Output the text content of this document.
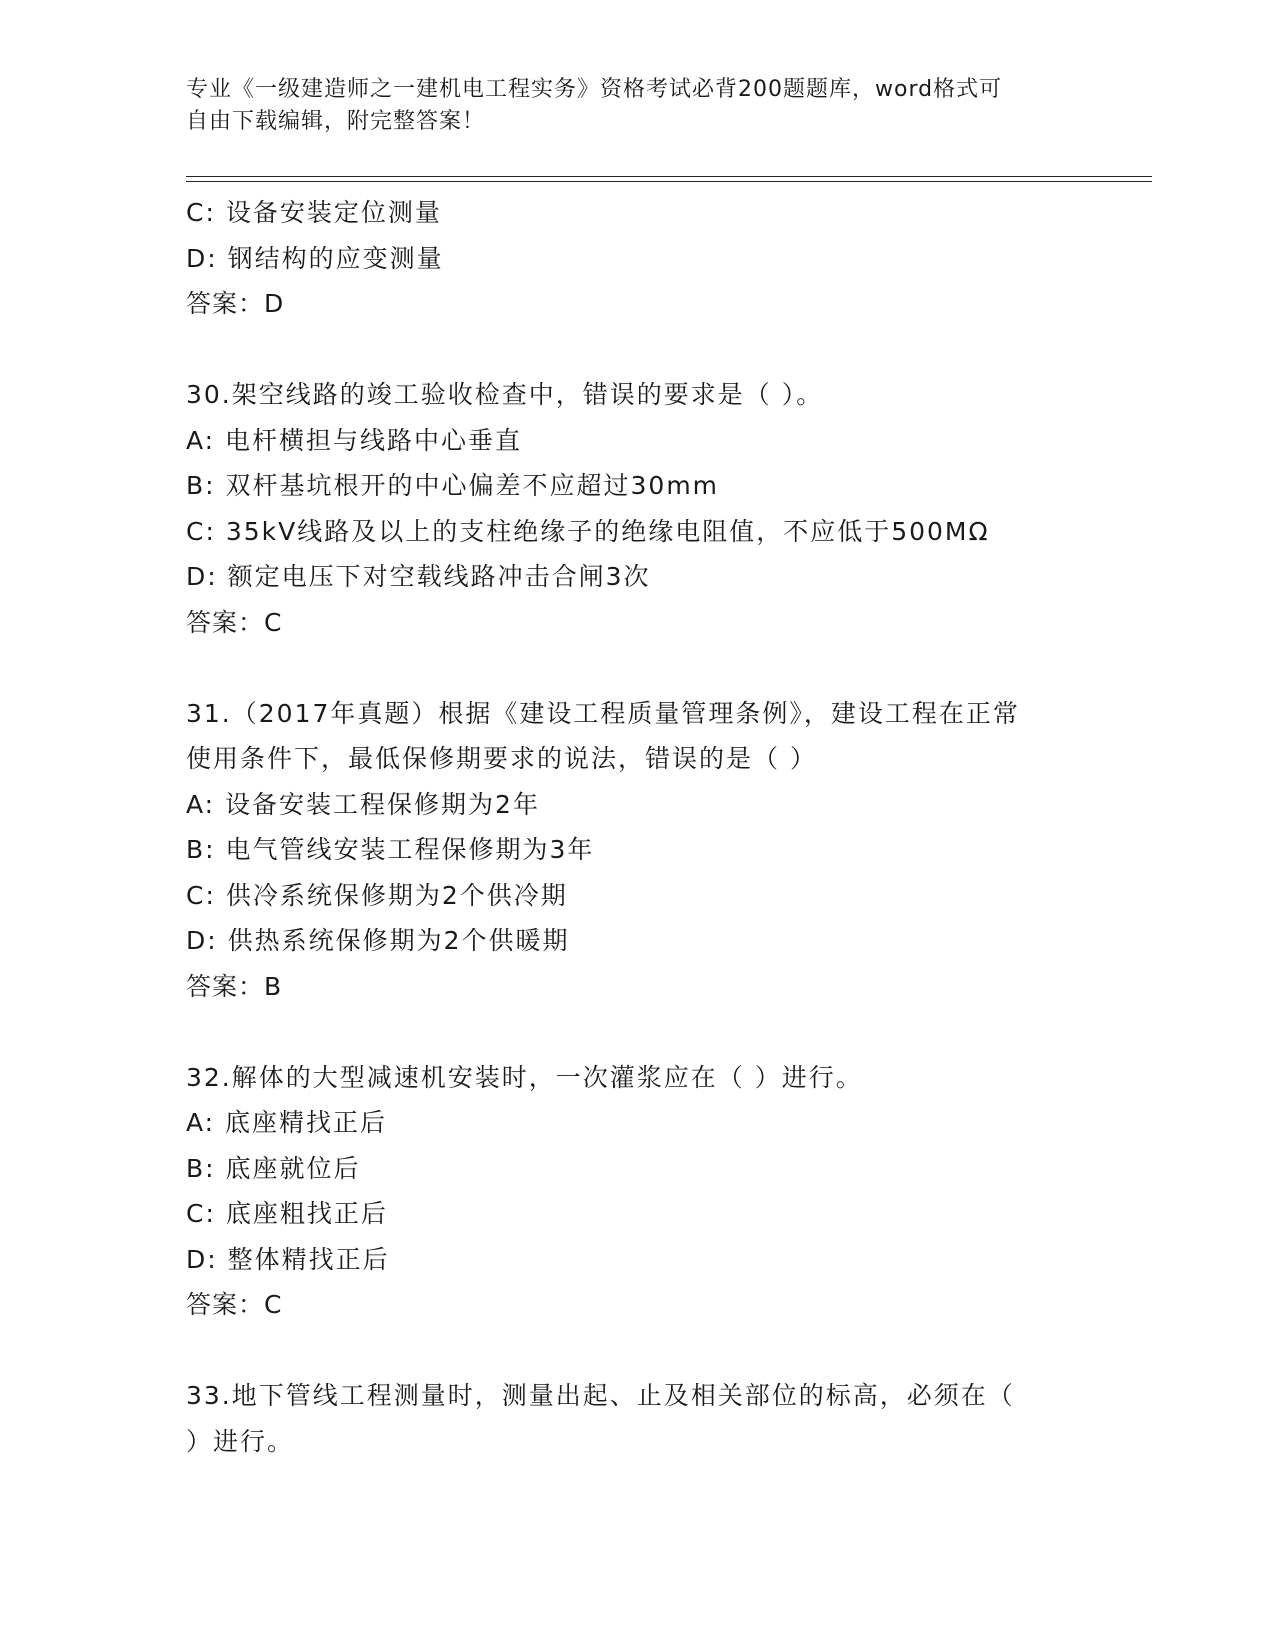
专业《一级建造师之一建机电工程实务》资格考试必背200题题库，word格式可
自由下载编辑，附完整答案！
C: 设备安装定位测量
D: 钢结构的应变测量
答案：D
30.架空线路的竣工验收检查中，错误的要求是（ ）。
A: 电杆横担与线路中心垂直
B: 双杆基坑根开的中心偏差不应超过30mm
C: 35kV线路及以上的支柱绝缘子的绝缘电阻值，不应低于500MΩ
D: 额定电压下对空载线路冲击合闸3次
答案：C
31.（2017年真题）根据《建设工程质量管理条例》，建设工程在正常
使用条件下，最低保修期要求的说法，错误的是（ ）
A: 设备安装工程保修期为2年
B: 电气管线安装工程保修期为3年
C: 供冷系统保修期为2个供冷期
D: 供热系统保修期为2个供暖期
答案：B
32.解体的大型减速机安装时，一次灌浆应在（ ）进行。
A: 底座精找正后
B: 底座就位后
C: 底座粗找正后
D: 整体精找正后
答案：C
33.地下管线工程测量时，测量出起、止及相关部位的标高，必须在（
）进行。
